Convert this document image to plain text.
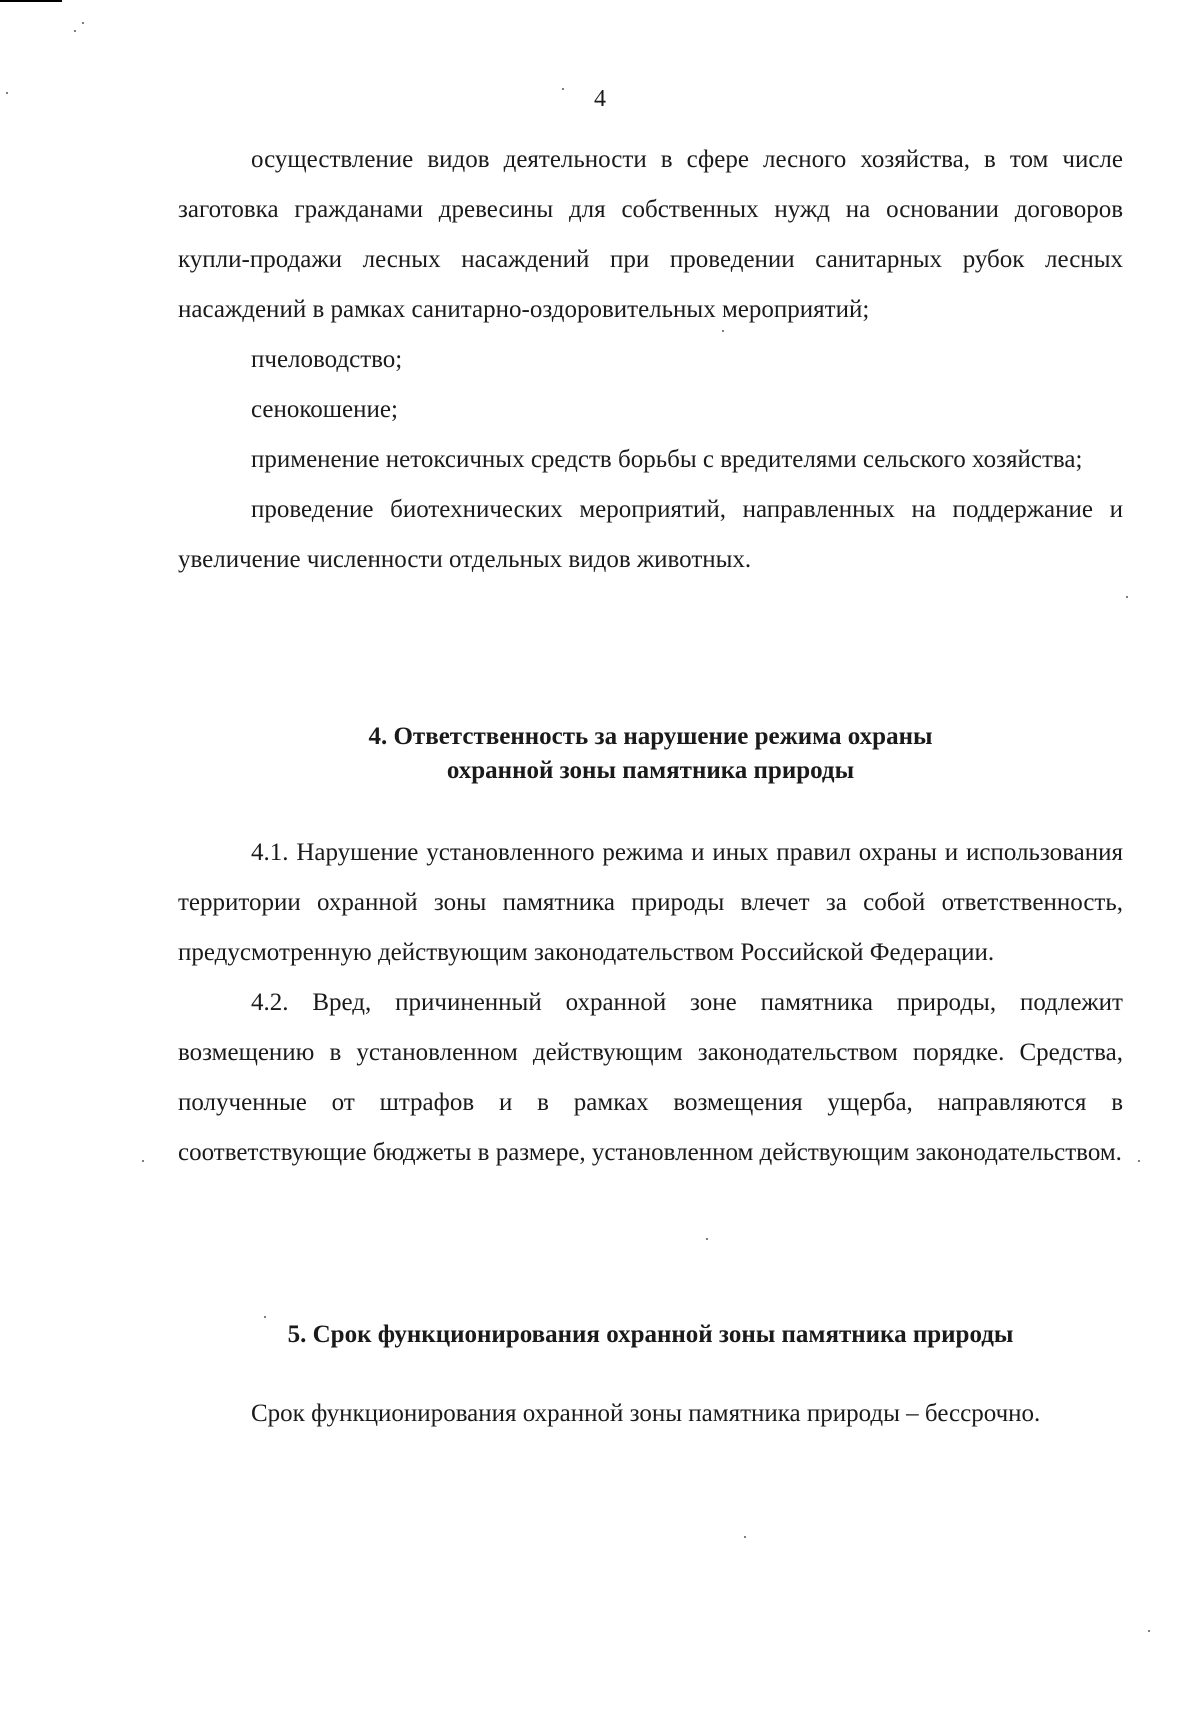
4

осуществление видов деятельности в сфере лесного хозяйства, в том числе заготовка гражданами древесины для собственных нужд на основании договоров купли-продажи лесных насаждений при проведении санитарных рубок лесных насаждений в рамках санитарно-оздоровительных мероприятий;

пчеловодство;

сенокошение;

применение нетоксичных средств борьбы с вредителями сельского хозяйства;

проведение биотехнических мероприятий, направленных на поддержание и увеличение численности отдельных видов животных.

4. Ответственность за нарушение режима охраны
охранной зоны памятника природы

4.1. Нарушение установленного режима и иных правил охраны и использования территории охранной зоны памятника природы влечет за собой ответственность, предусмотренную действующим законодательством Российской Федерации.

4.2. Вред, причиненный охранной зоне памятника природы, подлежит возмещению в установленном действующим законодательством порядке. Средства, полученные от штрафов и в рамках возмещения ущерба, направляются в соответствующие бюджеты в размере, установленном действующим законодательством.

5. Срок функционирования охранной зоны памятника природы

Срок функционирования охранной зоны памятника природы – бессрочно.
